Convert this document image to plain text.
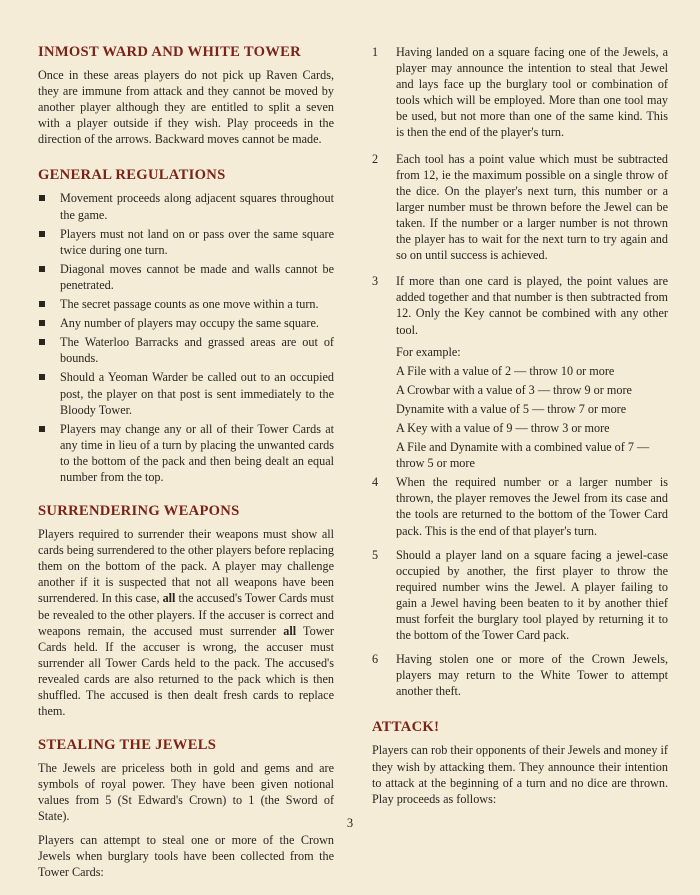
INMOST WARD AND WHITE TOWER

Once in these areas players do not pick up Raven Cards, they are immune from attack and they cannot be moved by another player although they are entitled to split a seven with a player outside if they wish. Play proceeds in the direction of the arrows. Backward moves cannot be made.

GENERAL REGULATIONS
Movement proceeds along adjacent squares throughout the game.
Players must not land on or pass over the same square twice during one turn.
Diagonal moves cannot be made and walls cannot be penetrated.
The secret passage counts as one move within a turn.
Any number of players may occupy the same square.
The Waterloo Barracks and grassed areas are out of bounds.
Should a Yeoman Warder be called out to an occupied post, the player on that post is sent immediately to the Bloody Tower.
Players may change any or all of their Tower Cards at any time in lieu of a turn by placing the unwanted cards to the bottom of the pack and then being dealt an equal number from the top.
SURRENDERING WEAPONS

Players required to surrender their weapons must show all cards being surrendered to the other players before replacing them on the bottom of the pack. A player may challenge another if it is suspected that not all weapons have been surrendered. In this case, all the accused's Tower Cards must be revealed to the other players. If the accuser is correct and weapons remain, the accused must surrender all Tower Cards held. If the accuser is wrong, the accuser must surrender all Tower Cards held to the pack. The accused's revealed cards are also returned to the pack which is then shuffled. The accused is then dealt fresh cards to replace them.

STEALING THE JEWELS

The Jewels are priceless both in gold and gems and are symbols of royal power. They have been given notional values from 5 (St Edward's Crown) to 1 (the Sword of State).

Players can attempt to steal one or more of the Crown Jewels when burglary tools have been collected from the Tower Cards:

1 Having landed on a square facing one of the Jewels, a player may announce the intention to steal that Jewel and lays face up the burglary tool or combination of tools which will be employed. More than one tool may be used, but not more than one of the same kind. This is then the end of the player's turn.

2 Each tool has a point value which must be subtracted from 12, ie the maximum possible on a single throw of the dice. On the player's next turn, this number or a larger number must be thrown before the Jewel can be taken. If the number or a larger number is not thrown the player has to wait for the next turn to try again and so on until success is achieved.

3 If more than one card is played, the point values are added together and that number is then subtracted from 12. Only the Key cannot be combined with any other tool.

For example:

A File with a value of 2 — throw 10 or more

A Crowbar with a value of 3 — throw 9 or more

Dynamite with a value of 5 — throw 7 or more

A Key with a value of 9 — throw 3 or more

A File and Dynamite with a combined value of 7 — throw 5 or more

4 When the required number or a larger number is thrown, the player removes the Jewel from its case and the tools are returned to the bottom of the Tower Card pack. This is the end of that player's turn.

5 Should a player land on a square facing a jewel-case occupied by another, the first player to throw the required number wins the Jewel. A player failing to gain a Jewel having been beaten to it by another thief must forfeit the burglary tool played by returning it to the bottom of the Tower Card pack.

6 Having stolen one or more of the Crown Jewels, players may return to the White Tower to attempt another theft.

ATTACK!

Players can rob their opponents of their Jewels and money if they wish by attacking them. They announce their intention to attack at the beginning of a turn and no dice are thrown. Play proceeds as follows:

3
